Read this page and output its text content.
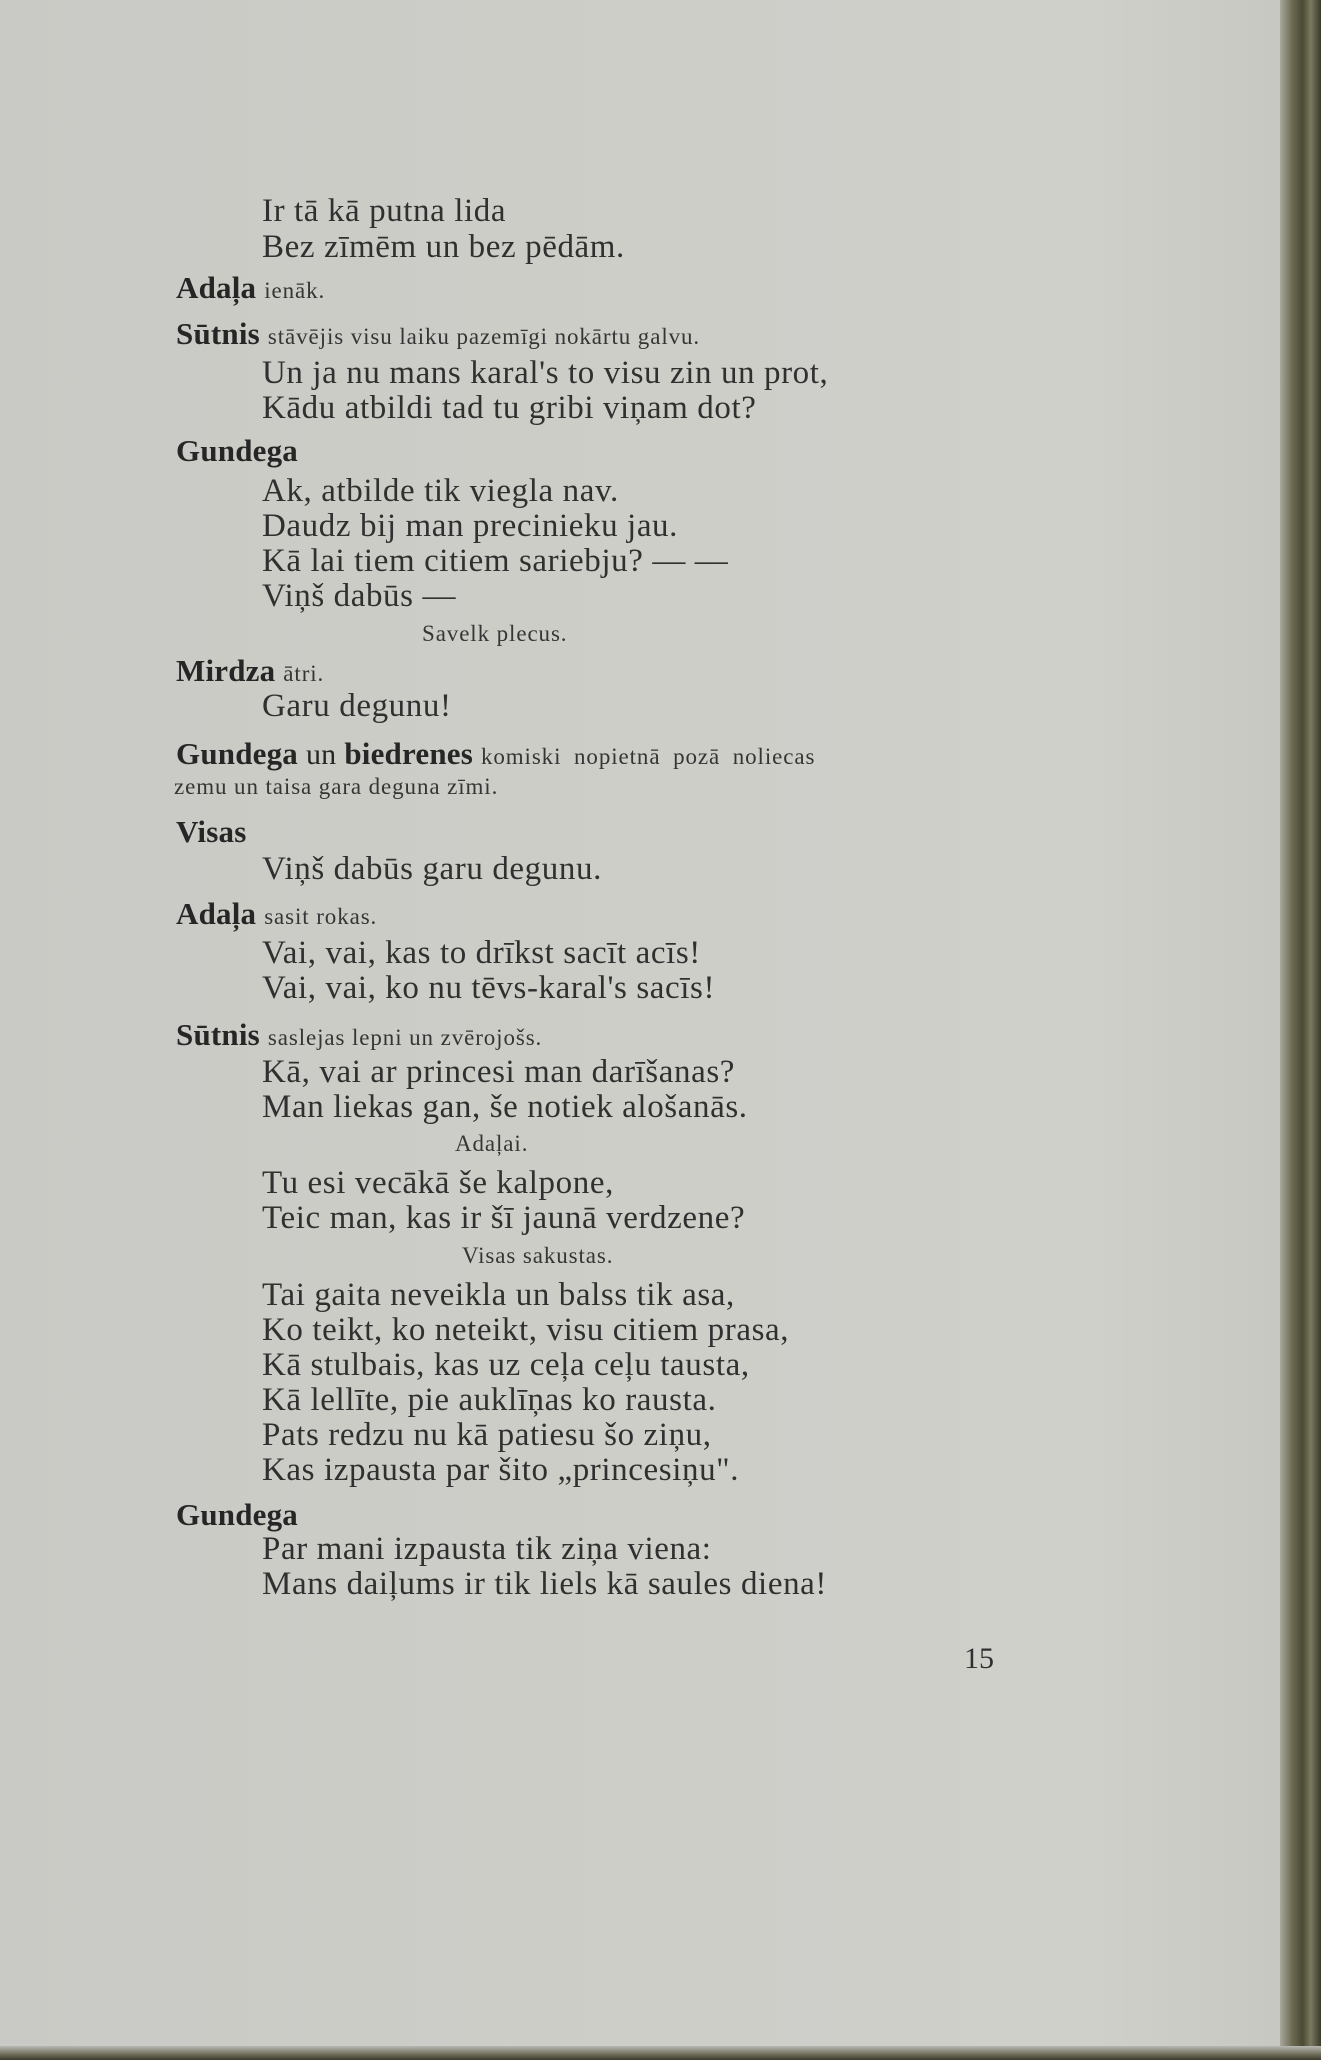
Ir tā kā putna lida
Bez zīmēm un bez pēdām.
Adaļa ienāk.
Sūtnis stāvējis visu laiku pazemīgi nokārtu galvu.
Un ja nu mans karal's to visu zin un prot,
Kādu atbildi tad tu gribi viņam dot?
Gundega
Ak, atbilde tik viegla nav.
Daudz bij man precinieku jau.
Kā lai tiem citiem sariebju? — —
Viņš dabūs —
Savelk plecus.
Mirdza ātri.
Garu degunu!
Gundega un biedrenes komiski nopietnā pozā noliecas
zemu un taisa gara deguna zīmi.
Visas
Viņš dabūs garu degunu.
Adaļa sasit rokas.
Vai, vai, kas to drīkst sacīt acīs!
Vai, vai, ko nu tēvs-karal's sacīs!
Sūtnis saslejas lepni un zvērojošs.
Kā, vai ar princesi man darīšanas?
Man liekas gan, še notiek alošanās.
Adaļai.
Tu esi vecākā še kalpone,
Teic man, kas ir šī jaunā verdzene?
Visas sakustas.
Tai gaita neveikla un balss tik asa,
Ko teikt, ko neteikt, visu citiem prasa,
Kā stulbais, kas uz ceļa ceļu tausta,
Kā lellīte, pie auklīņas ko rausta.
Pats redzu nu kā patiesu šo ziņu,
Kas izpausta par šito „princesiņu".
Gundega
Par mani izpausta tik ziņa viena:
Mans daiļums ir tik liels kā saules diena!
15
